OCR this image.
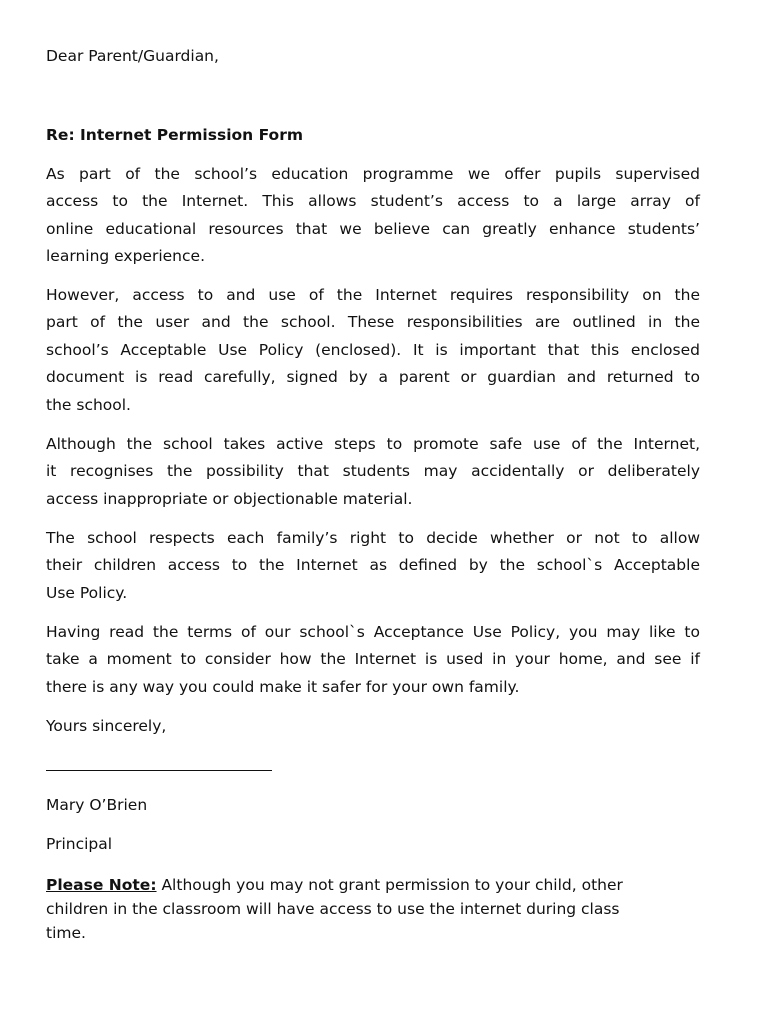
Dear Parent/Guardian,

Re: Internet Permission Form

As part of the school’s education programme we offer pupils supervised

access to the Internet. This allows student’s access to a large array of

online educational resources that we believe can greatly enhance students’

learning experience.

However, access to and use of the Internet requires responsibility on the

part of the user and the school. These responsibilities are outlined in the

school’s Acceptable Use Policy (enclosed). It is important that this enclosed

document is read carefully, signed by a parent or guardian and returned to

the school.

Although the school takes active steps to promote safe use of the Internet,

it recognises the possibility that students may accidentally or deliberately

access inappropriate or objectionable material.

The school respects each family’s right to decide whether or not to allow

their children access to the Internet as defined by the school`s Acceptable

Use Policy.

Having read the terms of our school`s Acceptance Use Policy, you may like to

take a moment to consider how the Internet is used in your home, and see if

there is any way you could make it safer for your own family.

Yours sincerely,

Mary O’Brien

Principal

Please Note: Although you may not grant permission to your child, other

children in the classroom will have access to use the internet during class

time.
